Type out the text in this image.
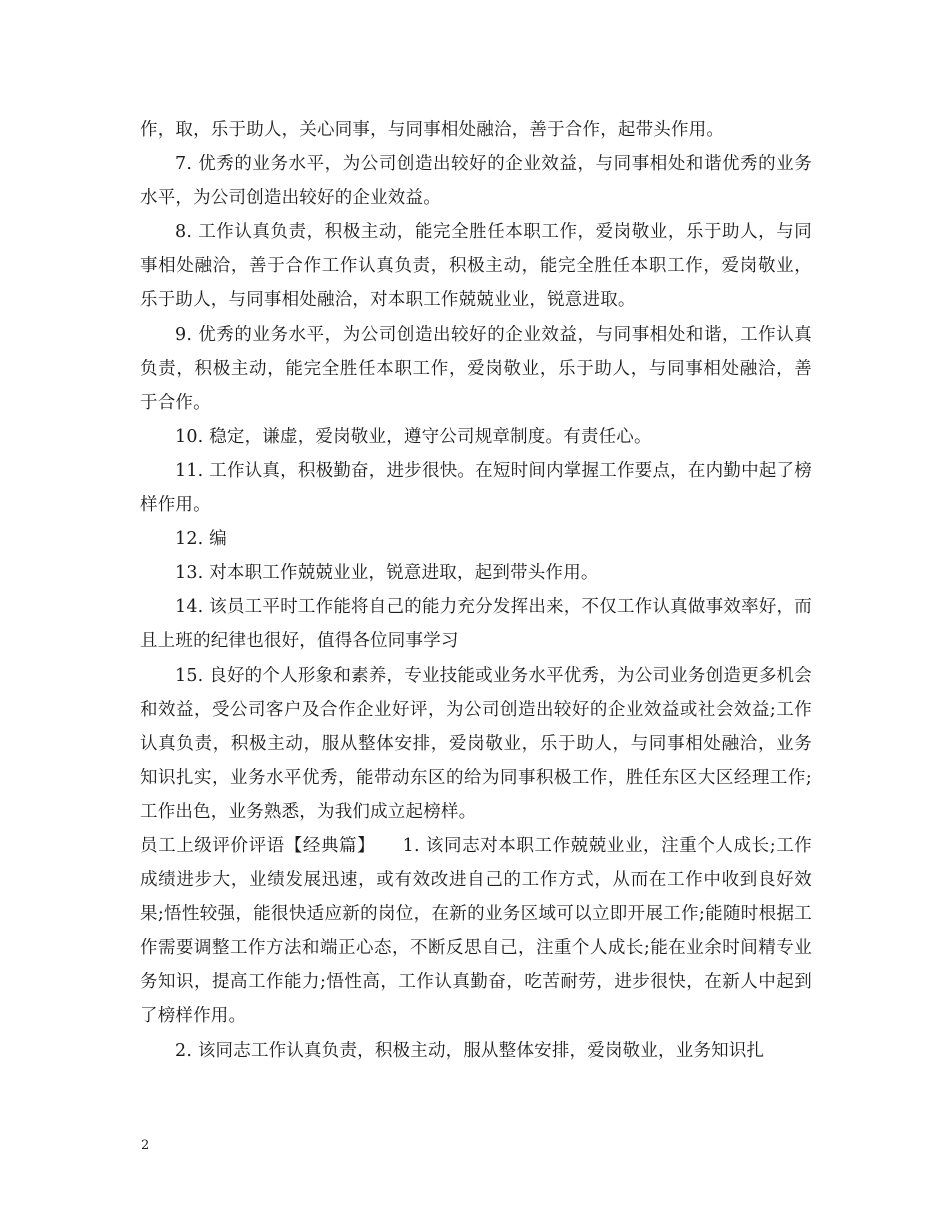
作，取，乐于助人，关心同事，与同事相处融洽，善于合作，起带头作用。

7. 优秀的业务水平，为公司创造出较好的企业效益，与同事相处和谐优秀的业务水平，为公司创造出较好的企业效益。

8. 工作认真负责，积极主动，能完全胜任本职工作，爱岗敬业，乐于助人，与同事相处融洽，善于合作工作认真负责，积极主动，能完全胜任本职工作，爱岗敬业，乐于助人，与同事相处融洽，对本职工作兢兢业业，锐意进取。

9. 优秀的业务水平，为公司创造出较好的企业效益，与同事相处和谐，工作认真负责，积极主动，能完全胜任本职工作，爱岗敬业，乐于助人，与同事相处融洽，善于合作。

10. 稳定，谦虚，爱岗敬业，遵守公司规章制度。有责任心。

11. 工作认真，积极勤奋，进步很快。在短时间内掌握工作要点，在内勤中起了榜样作用。

12. 编

13. 对本职工作兢兢业业，锐意进取，起到带头作用。

14. 该员工平时工作能将自己的能力充分发挥出来，不仅工作认真做事效率好，而且上班的纪律也很好，值得各位同事学习

15. 良好的个人形象和素养，专业技能或业务水平优秀，为公司业务创造更多机会和效益，受公司客户及合作企业好评，为公司创造出较好的企业效益或社会效益;工作认真负责，积极主动，服从整体安排，爱岗敬业，乐于助人，与同事相处融洽，业务知识扎实，业务水平优秀，能带动东区的给为同事积极工作，胜任东区大区经理工作;工作出色，业务熟悉，为我们成立起榜样。

员工上级评价评语【经典篇】　　1. 该同志对本职工作兢兢业业，注重个人成长;工作成绩进步大，业绩发展迅速，或有效改进自己的工作方式，从而在工作中收到良好效果;悟性较强，能很快适应新的岗位，在新的业务区域可以立即开展工作;能随时根据工作需要调整工作方法和端正心态，不断反思自己，注重个人成长;能在业余时间精专业务知识，提高工作能力;悟性高，工作认真勤奋，吃苦耐劳，进步很快，在新人中起到了榜样作用。

2. 该同志工作认真负责，积极主动，服从整体安排，爱岗敬业，业务知识扎

2
